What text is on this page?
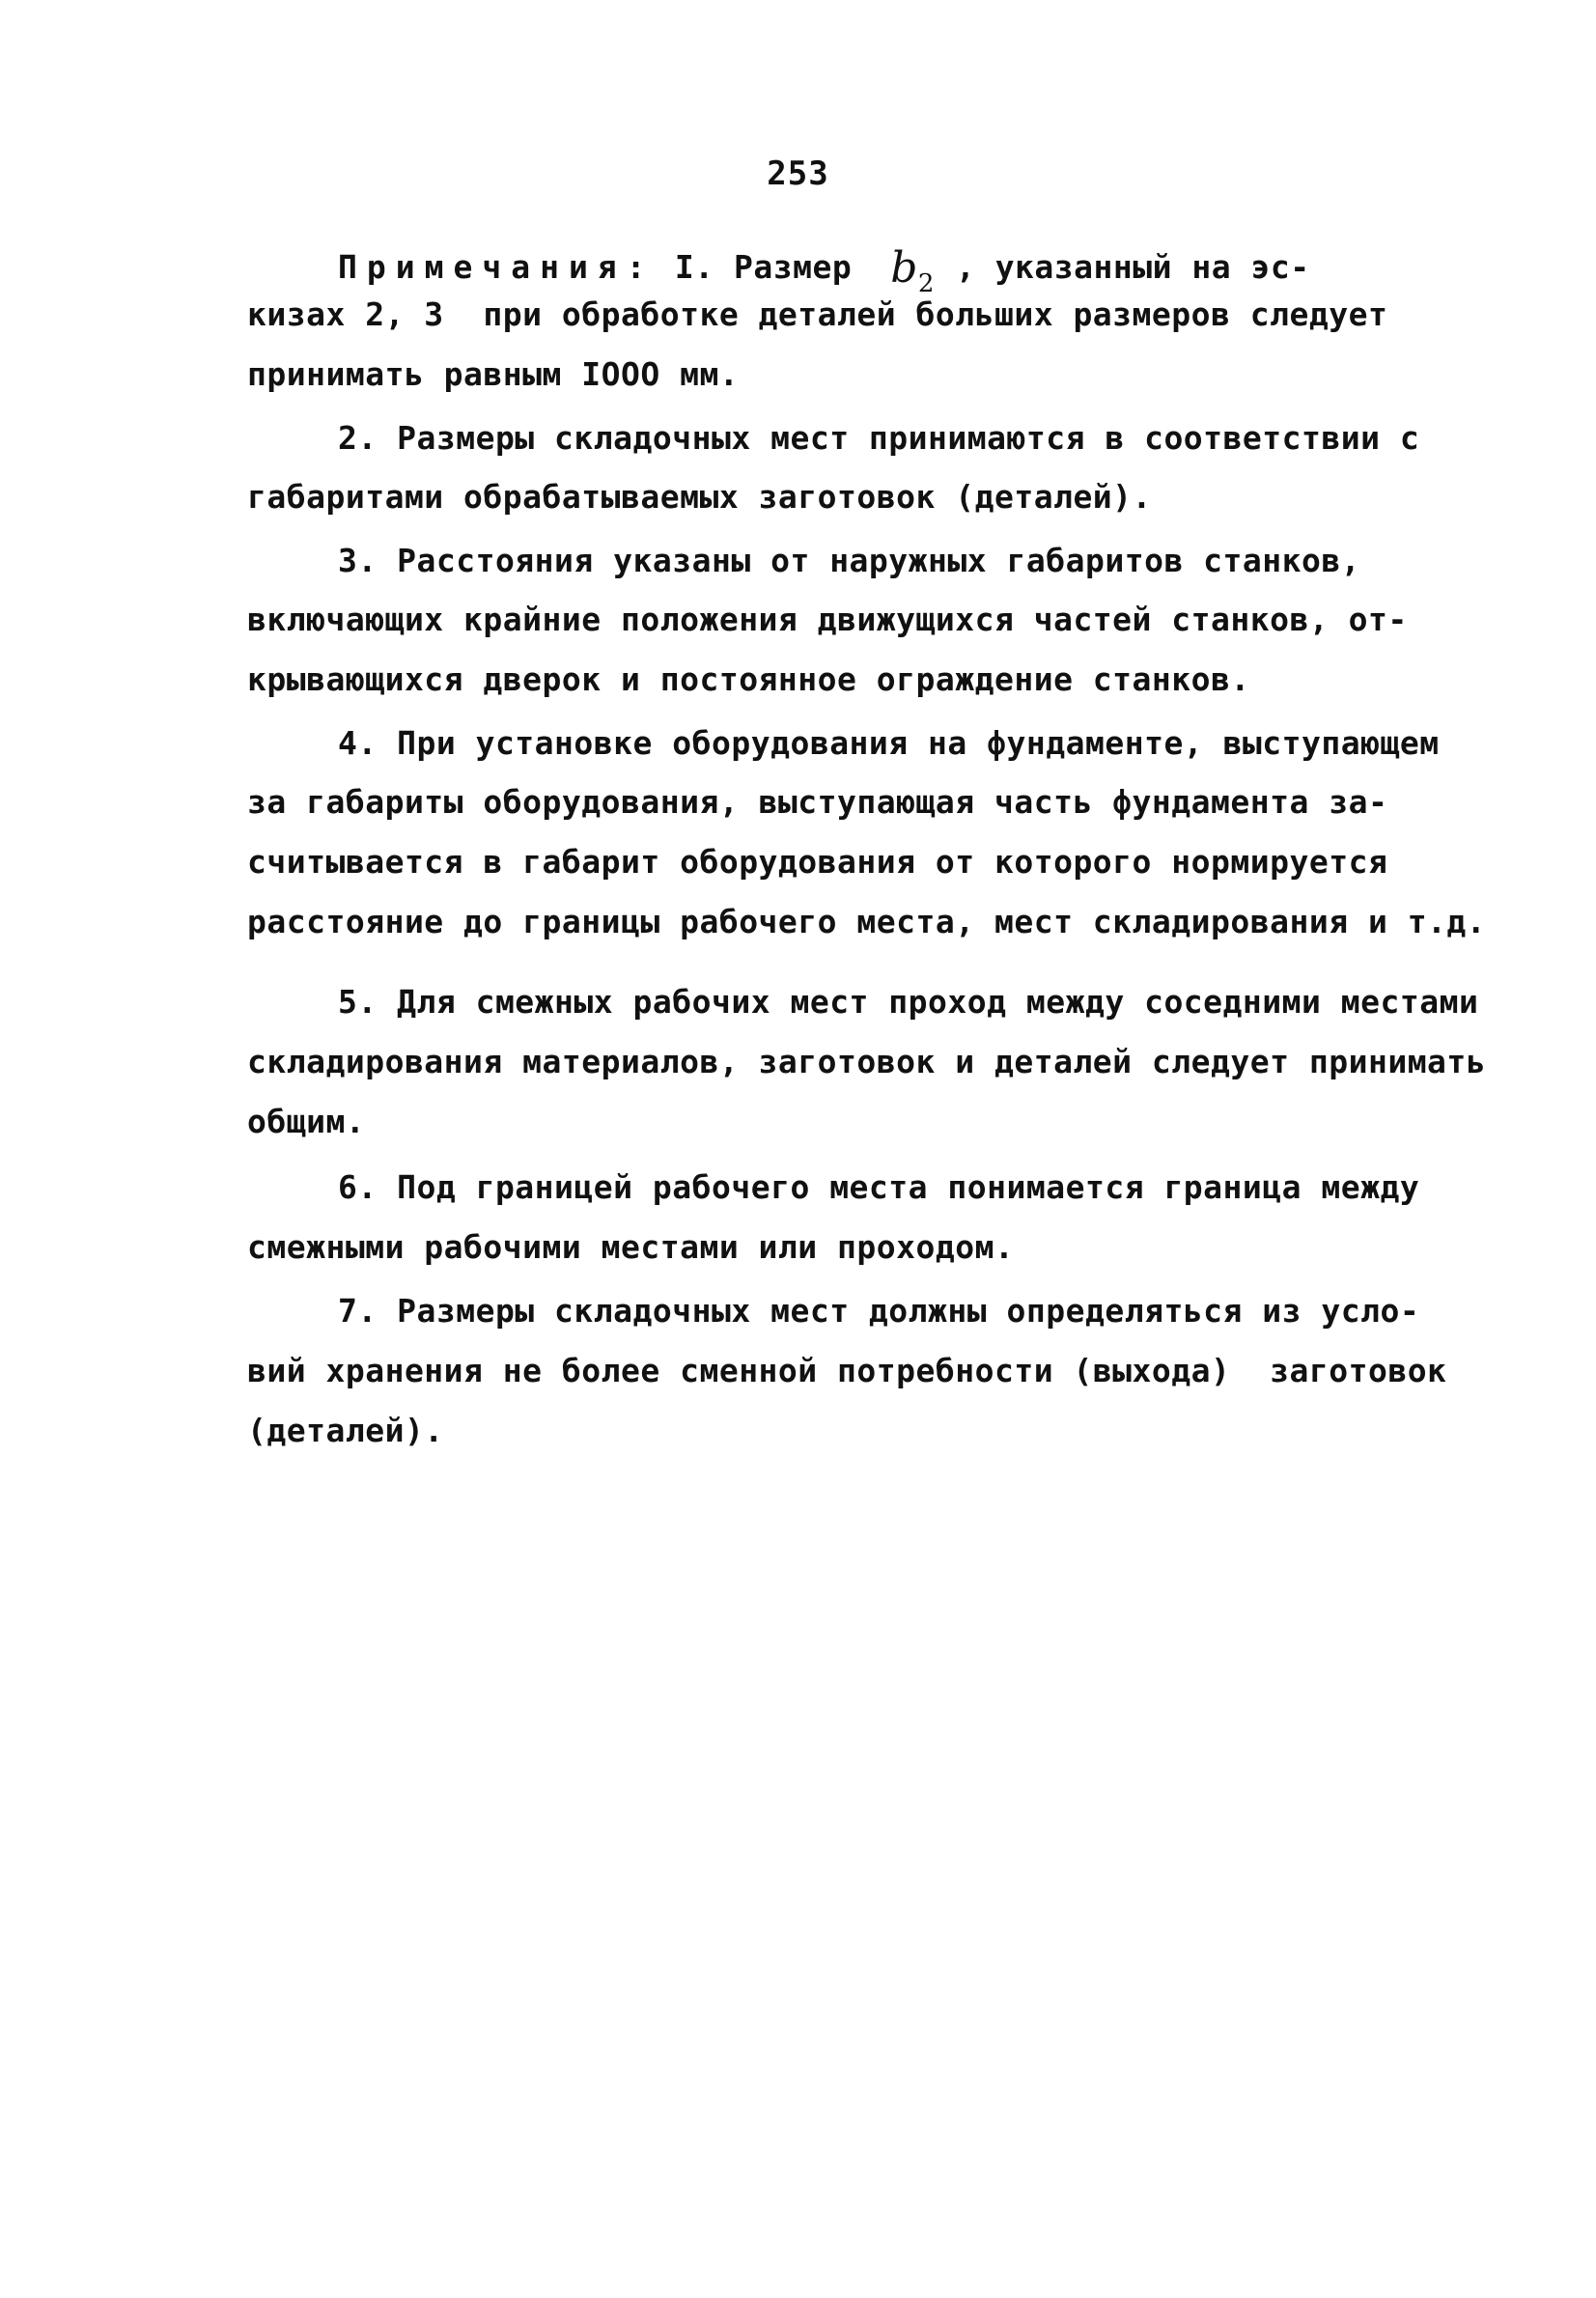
253
Примечания: I. Размер $b_2$ , указанный на эс-
кизах 2, 3  при обработке деталей больших размеров следует
принимать равным IOOO мм.
2. Размеры складочных мест принимаются в соответствии с
габаритами обрабатываемых заготовок (деталей).
3. Расстояния указаны от наружных габаритов станков,
включающих крайние положения движущихся частей станков, от-
крывающихся дверок и постоянное ограждение станков.
4. При установке оборудования на фундаменте, выступающем
за габариты оборудования, выступающая часть фундамента за-
считывается в габарит оборудования от которого нормируется
расстояние до границы рабочего места, мест складирования и т.д.
5. Для смежных рабочих мест проход между соседними местами
складирования материалов, заготовок и деталей следует принимать
общим.
6. Под границей рабочего места понимается граница между
смежными рабочими местами или проходом.
7. Размеры складочных мест должны определяться из усло-
вий хранения не более сменной потребности (выхода)  заготовок
(деталей).
